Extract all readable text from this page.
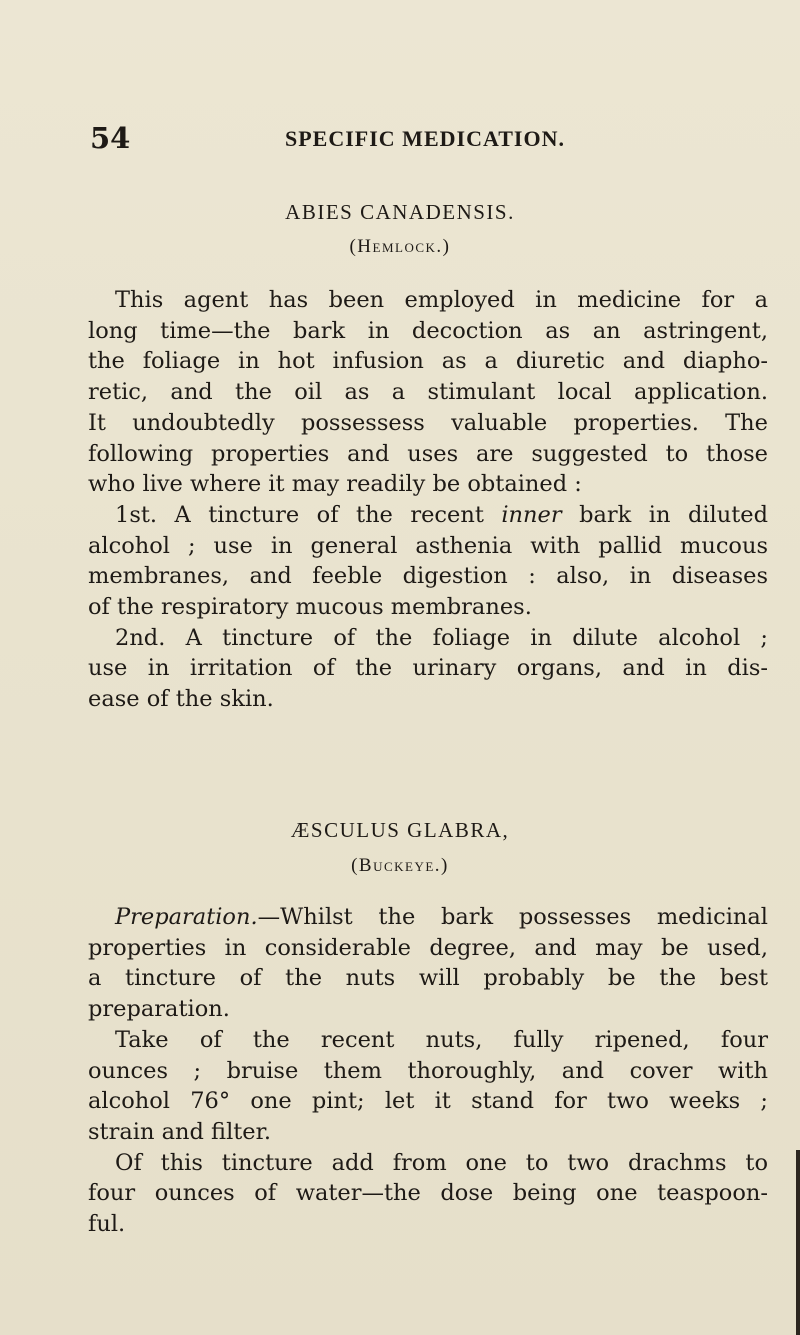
54	SPECIFIC MEDICATION.
ABIES CANADENSIS.
(Hemlock.)
This agent has been employed in medicine for a
long time—the bark in decoction as an astringent,
the foliage in hot infusion as a diuretic and diapho-
retic, and the oil as a stimulant local application.
It undoubtedly possessess valuable properties. The
following properties and uses are suggested to those
who live where it may readily be obtained :
1st. A tincture of the recent inner bark in diluted
alcohol ; use in general asthenia with pallid mucous
membranes, and feeble digestion : also, in diseases
of the respiratory mucous membranes.
2nd. A tincture of the foliage in dilute alcohol ;
use in irritation of the urinary organs, and in dis-
ease of the skin.
ÆSCULUS GLABRA,
(Buckeye.)
Preparation.—Whilst the bark possesses medicinal
properties in considerable degree, and may be used,
a tincture of the nuts will probably be the best
preparation.
Take of the recent nuts, fully ripened, four
ounces ; bruise them thoroughly, and cover with
alcohol 76° one pint; let it stand for two weeks ;
strain and filter.
Of this tincture add from one to two drachms to
four ounces of water—the dose being one teaspoon-
ful.
